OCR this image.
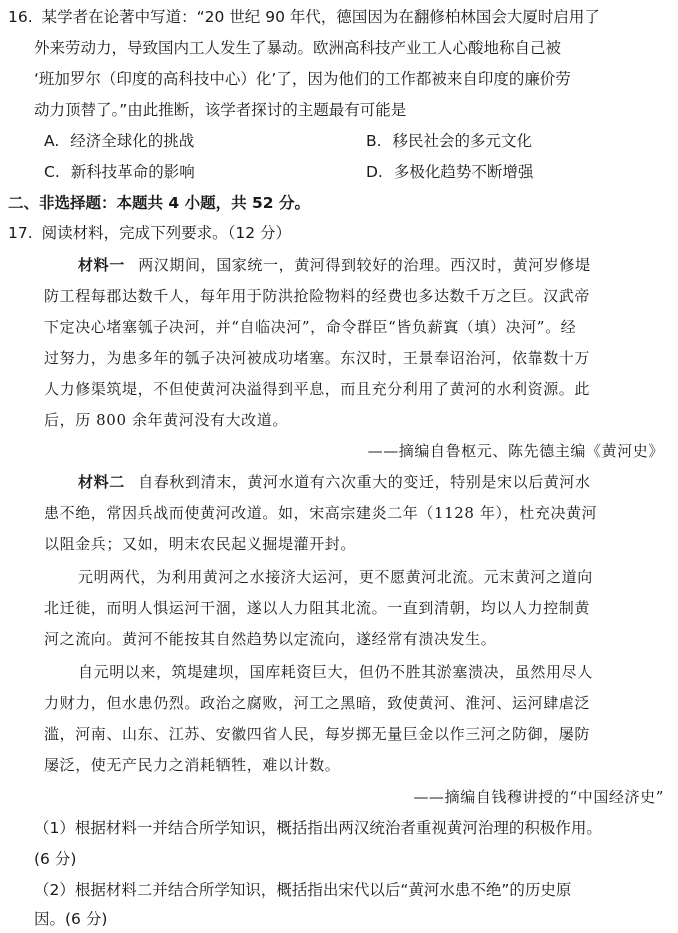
16. 某学者在论著中写道：“20 世纪 90 年代，德国因为在翻修柏林国会大厦时启用了
外来劳动力，导致国内工人发生了暴动。欧洲高科技产业工人心酸地称自己被
‘班加罗尔（印度的高科技中心）化’了，因为他们的工作都被来自印度的廉价劳
动力顶替了。”由此推断，该学者探讨的主题最有可能是
A. 经济全球化的挑战	B. 移民社会的多元文化
C. 新科技革命的影响	D. 多极化趋势不断增强
二、非选择题：本题共 4 小题，共 52 分。
17. 阅读材料，完成下列要求。（12 分）
材料一 两汉期间，国家统一，黄河得到较好的治理。西汉时，黄河岁修堤
防工程每郡达数千人，每年用于防洪抢险物料的经费也多达数千万之巨。汉武帝
下定决心堵塞瓠子决河，并“自临决河”，命令群臣“皆负薪窴（填）决河”。经
过努力，为患多年的瓠子决河被成功堵塞。东汉时，王景奉诏治河，依靠数十万
人力修渠筑堤，不但使黄河决溢得到平息，而且充分利用了黄河的水利资源。此
后，历 800 余年黄河没有大改道。
——摘编自鲁枢元、陈先德主编《黄河史》
材料二 自春秋到清末，黄河水道有六次重大的变迁，特别是宋以后黄河水
患不绝，常因兵战而使黄河改道。如，宋高宗建炎二年（1128 年），杜充决黄河
以阻金兵；又如，明末农民起义掘堤灌开封。
元明两代，为利用黄河之水接济大运河，更不愿黄河北流。元末黄河之道向
北迁徙，而明人惧运河干涸，遂以人力阻其北流。一直到清朝，均以人力控制黄
河之流向。黄河不能按其自然趋势以定流向，遂经常有溃决发生。
自元明以来，筑堤建坝，国库耗资巨大，但仍不胜其淤塞溃决，虽然用尽人
力财力，但水患仍烈。政治之腐败，河工之黑暗，致使黄河、淮河、运河肆虐泛
滥，河南、山东、江苏、安徽四省人民，每岁掷无量巨金以作三河之防御，屡防
屡泛，使无产民力之消耗牺牲，难以计数。
——摘编自钱穆讲授的“中国经济史”
（1）根据材料一并结合所学知识，概括指出两汉统治者重视黄河治理的积极作用。
(6 分)
（2）根据材料二并结合所学知识，概括指出宋代以后“黄河水患不绝”的历史原
因。(6 分)
